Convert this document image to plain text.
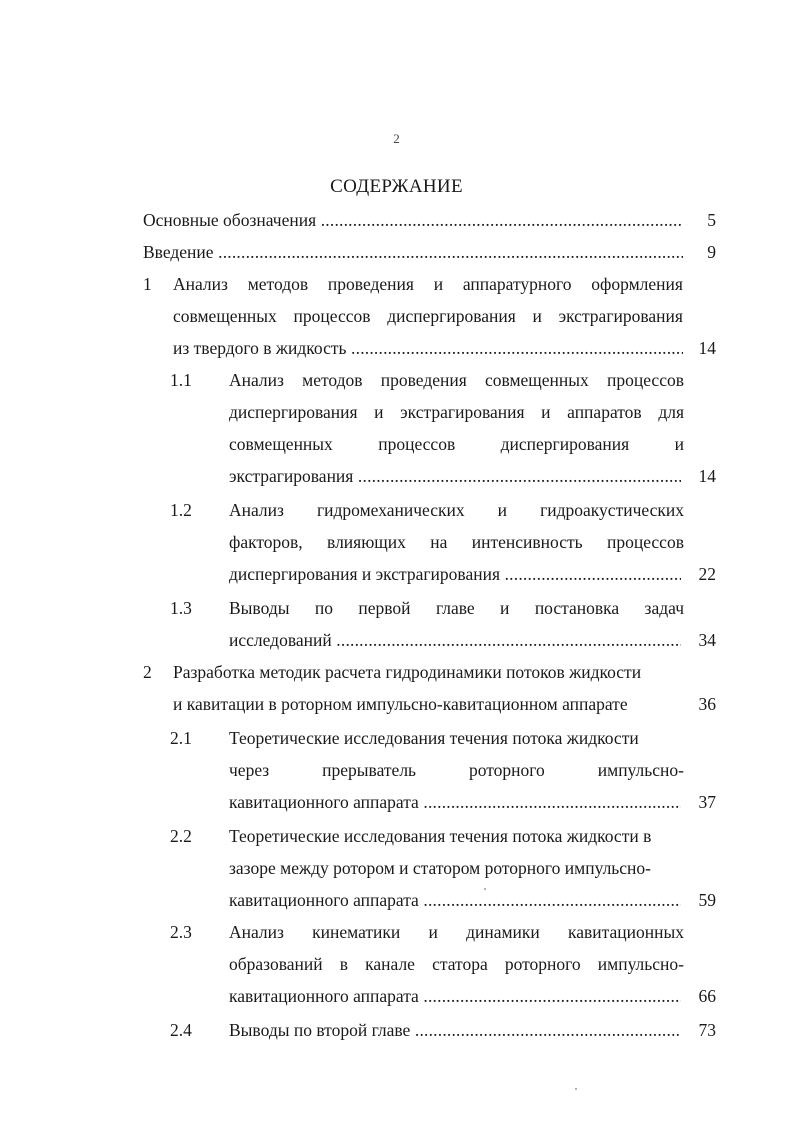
2
СОДЕРЖАНИЕ
Основные обозначения .....	5
Введение .....	9
1 Анализ методов проведения и аппаратурного оформления
совмещенных процессов диспергирования и экстрагирования
из твердого в жидкость .....	14
1.1 Анализ методов проведения совмещенных процессов
диспергирования и экстрагирования и аппаратов для
совмещенных	процессов	диспергирования	и
экстрагирования .....	14
1.2 Анализ гидромеханических и гидроакустических
факторов, влияющих на интенсивность процессов
диспергирования и экстрагирования .....	22
1.3 Выводы по первой главе и постановка задач
исследований .....	34
2 Разработка методик расчета гидродинамики потоков жидкости
и кавитации в роторном импульсно-кавитационном аппарате	36
2.1 Теоретические исследования течения потока жидкости
через	прерыватель	роторного	импульсно-
кавитационного аппарата .....	37
2.2 Теоретические исследования течения потока жидкости в
зазоре между ротором и статором роторного импульсно-
кавитационного аппарата .....	59
2.3 Анализ кинематики и динамики кавитационных
образований в канале статора роторного импульсно-
кавитационного аппарата .....	66
2.4 Выводы по второй главе .....	73
